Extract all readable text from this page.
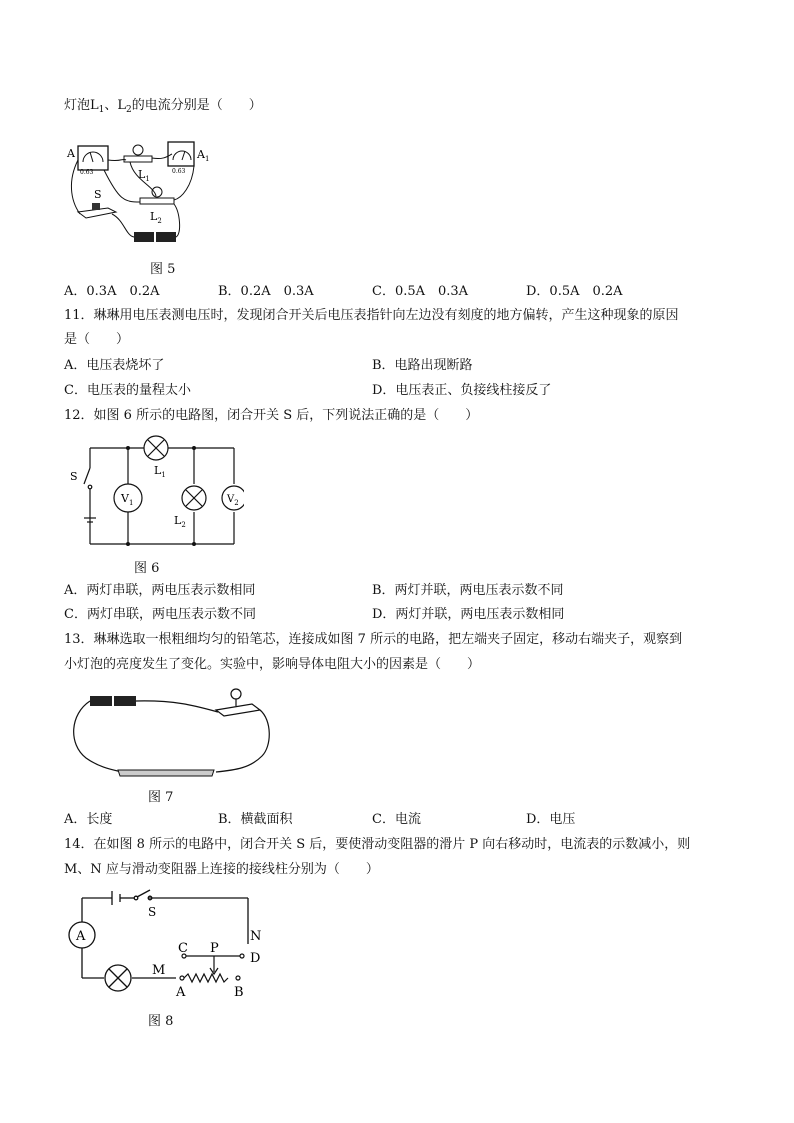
灯泡$L_1$、$L_2$的电流分别是（　　）
0.63
A
0.63
$A_1$
$L_1$
$L_2$
S
图 5
A．0.3A　0.2A	B．0.2A　0.3A	C．0.5A　0.3A	D．0.5A　0.2A
11．琳琳用电压表测电压时，发现闭合开关后电压表指针向左边没有刻度的地方偏转，产生这种现象的原因
是（　　）
A．电压表烧坏了	B．电路出现断路
C．电压表的量程太小	D．电压表正、负接线柱接反了
12．如图 6 所示的电路图，闭合开关 S 后，下列说法正确的是（　　）
S	$L_1$
$V_1$
$L_2$
$V_2$
图 6
A．两灯串联，两电压表示数相同	B．两灯并联，两电压表示数不同
C．两灯串联，两电压表示数不同	D．两灯并联，两电压表示数相同
13．琳琳选取一根粗细均匀的铅笔芯，连接成如图 7 所示的电路，把左端夹子固定，移动右端夹子，观察到
小灯泡的亮度发生了变化。实验中，影响导体电阻大小的因素是（　　）
图 7
A．长度	B．横截面积	C．电流	D．电压
14．在如图 8 所示的电路中，闭合开关 S 后，要使滑动变阻器的滑片 P 向右移动时，电流表的示数减小，则
M、N 应与滑动变阻器上连接的接线柱分别为（　　）
S
A
M
N
C P
D
A	B
图 8
